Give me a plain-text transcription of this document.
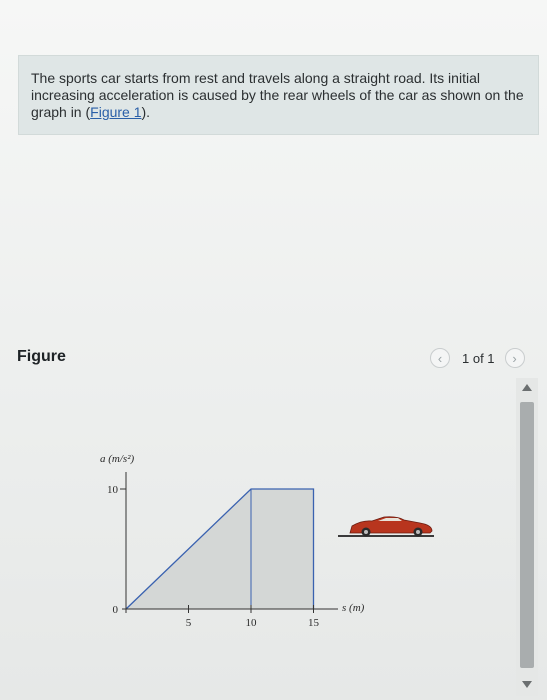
The sports car starts from rest and travels along a straight road. Its initial increasing acceleration is caused by the rear wheels of the car as shown on the graph in (Figure 1).

Figure	‹	1 of 1	›
5	10	15
0
10
a (m/s²)
s (m)
